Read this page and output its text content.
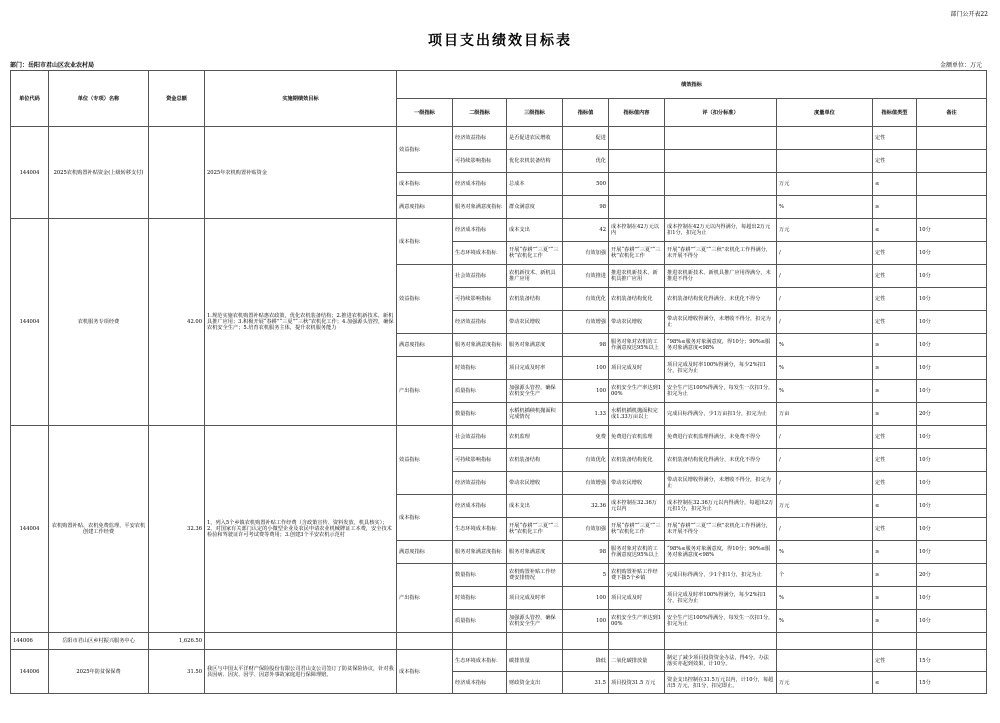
部门公开表22
项目支出绩效目标表
部门：岳阳市君山区农业农村局	金额单位：万元
单位代码	单位（专项）名称	资金总额	实施期绩效目标	绩效指标								
				一级指标	二级指标	三级指标	指标值	指标值内容	评（扣分标准）	度量单位	指标值类型	备注
144004	2025农机购置补贴资金(上级转移支付)		2025年农机购置补贴资金	效益指标	经济效益指标	是否促进农民增收	促进				定性	
					可持续影响指标	优化农机装备结构	优化				定性	
				成本指标	经济成本指标	总成本	500			万元	≤	
				满意度指标	服务对象满意度指标	群众满意度	98			%	≥	
144004	农机服务专项经费	42.00	1.规范实施农机购置补贴惠农政策，优化农机装备结构；2.推进农机新技术、新机具推广应用；3.积极开展“春耕”“三夏”“三秋”农机化工作；4.加强源头管控，确保农机安全生产；5.培育农机服务主体，提升农机服务能力	成本指标	经济成本指标	成本支出	42	成本控制在42万元以内	成本控制在42万元以内得满分，每超出2万元扣1分，扣完为止	万元	≤	10分
					生态环境成本指标	开展“春耕”“三夏”“三秋”农机化工作	有效加强	开展“春耕”“三夏”“三秋”农机化工作	开展“春耕”“三夏”“三秋”农机化工作得满分，未开展不得分	/	定性	10分
				效益指标	社会效益指标	农机新技术、新机具推广应用	有效推进	推进农机新技术、新机具推广应用	推进农机新技术、新机具推广应用得满分，未推进不得分	/	定性	10分
					可持续影响指标	农机装备结构	有效优化	农机装备结构优化	农机装备结构优化得满分，未优化不得分	/	定性	10分
					经济效益指标	带动农民增收	有效增强	带动农民增收	带动农民增收得满分，未增收不得分，扣完为止	/	定性	10分
				满意度指标	服务对象满意度指标	服务对象满意度	98	服务对象对农机的工作满意度达95%以上	“98%≤服务对象满意度，得10分；90%≤服务对象满意度<98%	%	≥	10分
				产出指标	时效指标	项目完成及时率	100	项目完成及时	项目完成及时率100%得满分，每少2%扣1分，扣完为止	%	≥	10分
					质量指标	加强源头管控，确保农机安全生产	100	农机安全生产率达到100%	安全生产达100%得满分，每发生一次扣1分，扣完为止	%	≥	10分
					数量指标	水稻机插秧机抛面积完成情况	1.33	水稻机插机抛面积完成1.33万亩以上	完成目标得满分，少1万亩扣1分，扣完为止	万亩	≥	20分
144004	农机购置补贴、农机免费监理、平安农机创建工作经费	32.36	1、列入5个乡镇农机购置补贴工作经费（含政策宣传、资料发放、机具核实）；2、对国家有关部门认定的小微型企业及农民申请农业机械牌证工本费，安全技术检验和驾驶证许可考试费等费用；3.创建3个平安农机示范村	效益指标	社会效益指标	农机监理	免费	免费进行农机监理	免费进行农机监理得满分，未免费不得分	/	定性	10分
					可持续影响指标	农机装备结构	有效优化	农机装备结构优化	农机装备结构优化得满分，未优化不得分	/	定性	10分
					经济效益指标	带动农民增收	有效增强	带动农民增收	带动农民增收得满分，未增收不得分，扣完为止	/	定性	10分
				成本指标	经济成本指标	成本支出	32.36	成本控制在32.36万元以内	成本控制在32.36万元以内得满分，每超出2万元扣1分，扣完为止	万元	≤	10分
					生态环境成本指标	开展“春耕”“三夏”“三秋”农机化工作	有效加强	开展“春耕”“三夏”“三秋”农机化工作	开展“春耕”“三夏”“三秋”农机化工作得满分，未开展不得分	/	定性	10分
				满意度指标	服务对象满意度指标	服务对象满意度	98	服务对象对农机的工作满意度达95%以上	“98%≤服务对象满意度，得10分；90%≤服务对象满意度<98%	%	≥	10分
				产出指标	数量指标	农机购置补贴工作经费安排情况	5	农机购置补贴工作经费下拨5个乡镇	完成目标得满分，少1个扣1分，扣完为止	个	≥	20分
					时效指标	项目完成及时率	100	项目完成及时	项目完成及时率100%得满分，每少2%扣1分，扣完为止	%	≥	10分
					质量指标	加强源头管控，确保农机安全生产	100	农机安全生产率达到100%	安全生产达100%得满分，每发生一次扣1分，扣完为止	%	≥	10分
144006	岳阳市君山区乡村振兴服务中心	1,626.50										
144006	2025年防贫保保费	31.50	我区与中国太平洋财产保险股份有限公司君山支公司签订了防贫保险协议，针对我县因病、因灾、因学、因意外事故家庭进行保障理赔。	成本指标	生态环境成本指标	碳排放量	降低	二氧化碳排放量	制定了减少项目投资资金办法，得4分。办法落实亦起到效果，计10分。		定性	15分
					经济成本指标	财政资金支出	31.5	项目投资31.5 万元	资金支出控制在31.5万元以内，计10分，每超出5 万元，扣1分，扣完即止。	万元	≤	15分
